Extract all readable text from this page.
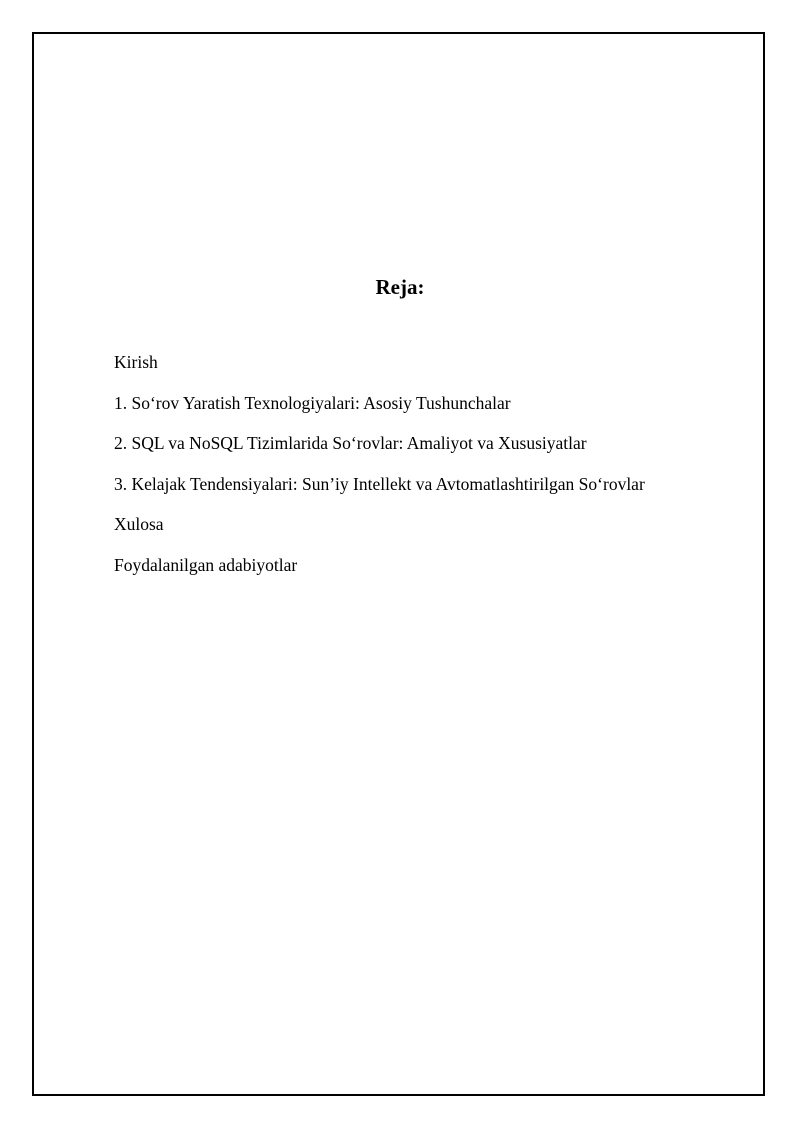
Reja:
Kirish
1. So‘rov Yaratish Texnologiyalari: Asosiy Tushunchalar
2. SQL va NoSQL Tizimlarida So‘rovlar: Amaliyot va Xususiyatlar
3. Kelajak Tendensiyalari: Sun’iy Intellekt va Avtomatlashtirilgan So‘rovlar
Xulosa
Foydalanilgan adabiyotlar
